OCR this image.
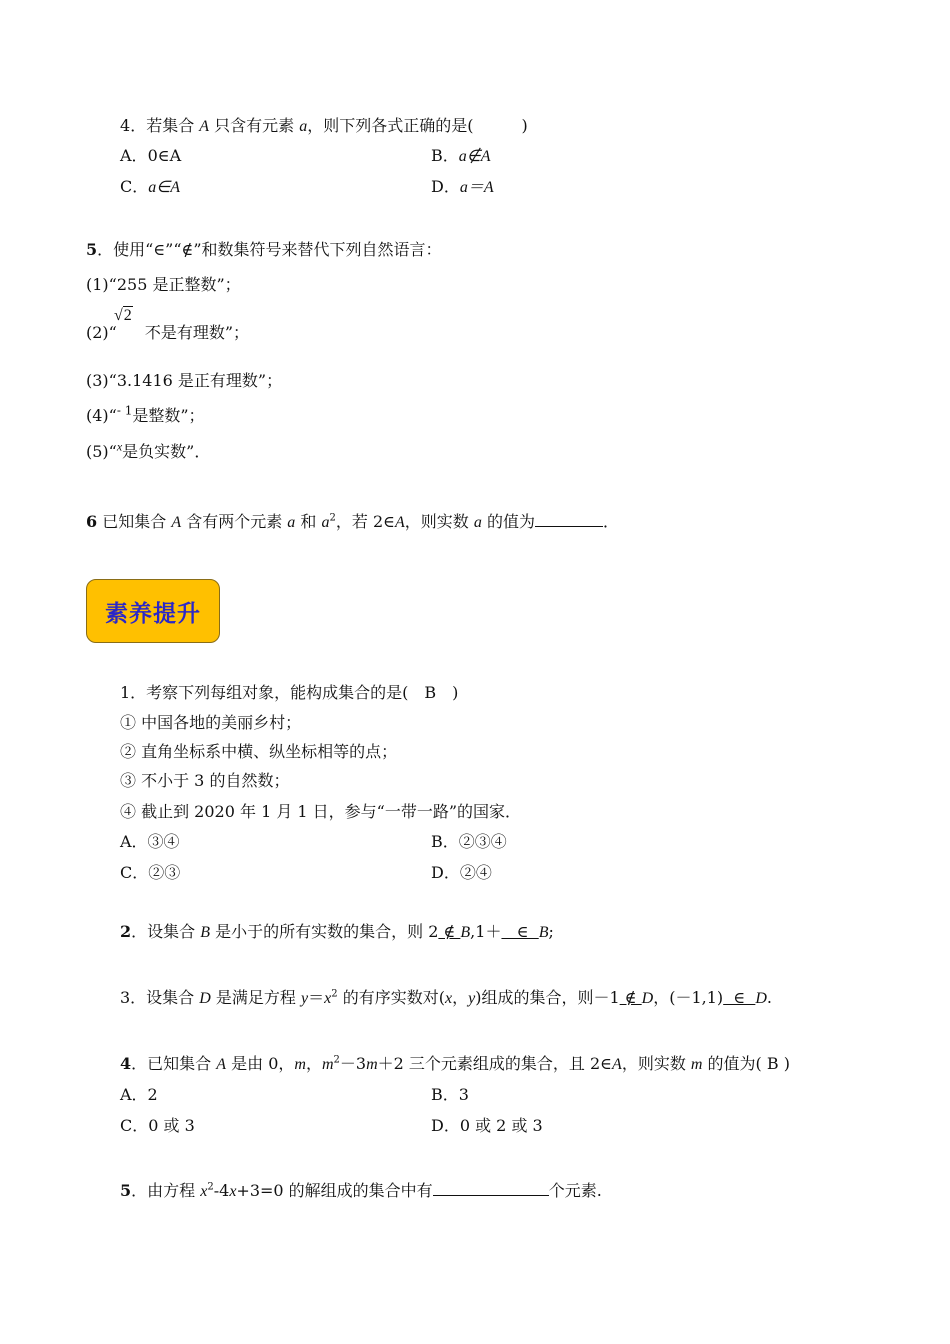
4．若集合 A 只含有元素 a，则下列各式正确的是(　　　)
A．0∈A	B．a∉A
C．a∈A	D．a＝A
5．使用“∈”“∉”和数集符号来替代下列自然语言：
(1)“255 是正整数”；
(2)“ 不是有理数”；
√2
(3)“3.1416 是正有理数”；
(4)“$^{- 1}$是整数”；
(5)“$^x$是负实数”．
6 已知集合 A 含有两个元素 a 和 $a^2$，若 2∈A，则实数 a 的值为	．
素养提升
1．考察下列每组对象，能构成集合的是(　B　)
① 中国各地的美丽乡村；
② 直角坐标系中横、纵坐标相等的点；
③ 不小于 3 的自然数；
④ 截止到 2020 年 1 月 1 日，参与“一带一路”的国家．
A．③④	B．②③④
C．②③	D．②④
2．设集合 B 是小于的所有实数的集合，则 2 ∉ B,1＋   ∈  B;
3．设集合 D 是满足方程 $y=x^2$ 的有序实数对(x，y)组成的集合，则－1 ∉ D，(－1,1)  ∈  D.
4．已知集合 A 是由 0，m，$m^2-3m+2$ 三个元素组成的集合，且 2∈A，则实数 m 的值为( B )
A．2	B．3
C．0 或 3	D．0 或 2 或 3
5．由方程 $x^2-4x+3=0$ 的解组成的集合中有	个元素.
